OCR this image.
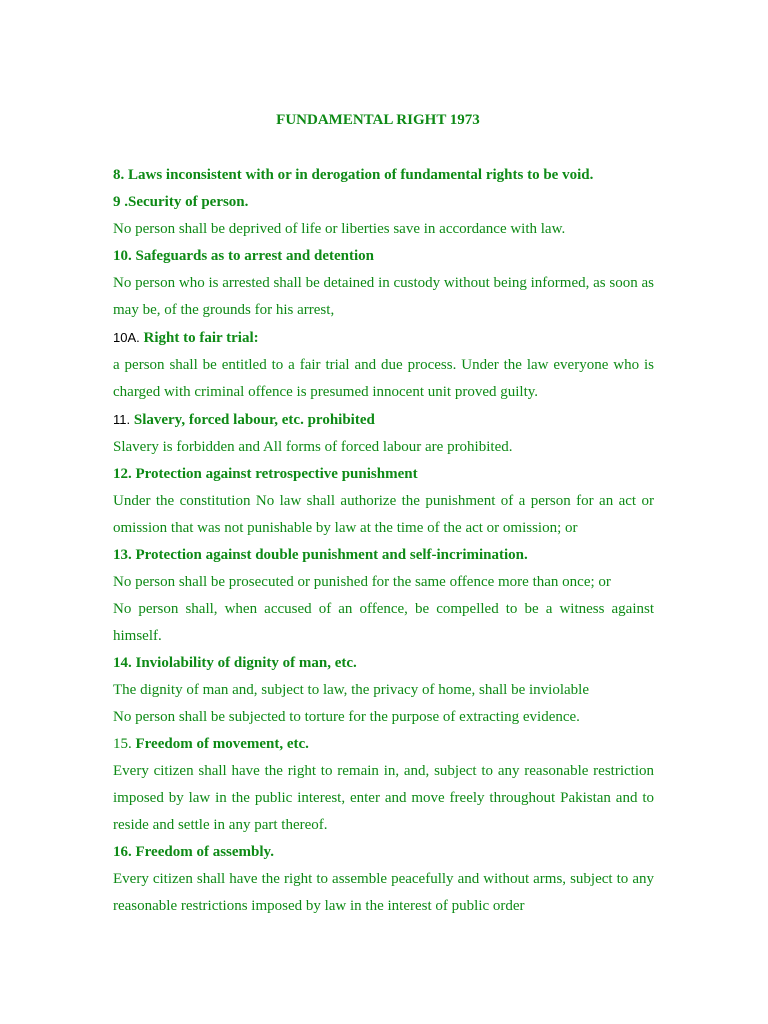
FUNDAMENTAL RIGHT 1973

8. Laws inconsistent with or in derogation of fundamental rights to be void.

9 .Security of person.

No person shall be deprived of life or liberties save in accordance with law.

10. Safeguards as to arrest and detention

No person who is arrested shall be detained in custody without being informed, as soon as may be, of the grounds for his arrest,

10A. Right to fair trial:

a person shall be entitled to a fair trial and due process. Under the law everyone who is charged with criminal offence is presumed innocent unit proved guilty.

11. Slavery, forced labour, etc. prohibited

Slavery is forbidden and All forms of forced labour are prohibited.

12. Protection against retrospective punishment

Under the constitution No law shall authorize the punishment of a person for an act or omission that was not punishable by law at the time of the act or omission; or

13. Protection against double punishment and self-incrimination.

No person shall be prosecuted or punished for the same offence more than once; or

No person shall, when accused of an offence, be compelled to be a witness against himself.

14. Inviolability of dignity of man, etc.

The dignity of man and, subject to law, the privacy of home, shall be inviolable

No person shall be subjected to torture for the purpose of extracting evidence.

15. Freedom of movement, etc.

Every citizen shall have the right to remain in, and, subject to any reasonable restriction imposed by law in the public interest, enter and move freely throughout Pakistan and to reside and settle in any part thereof.

16. Freedom of assembly.

Every citizen shall have the right to assemble peacefully and without arms, subject to any reasonable restrictions imposed by law in the interest of public order
